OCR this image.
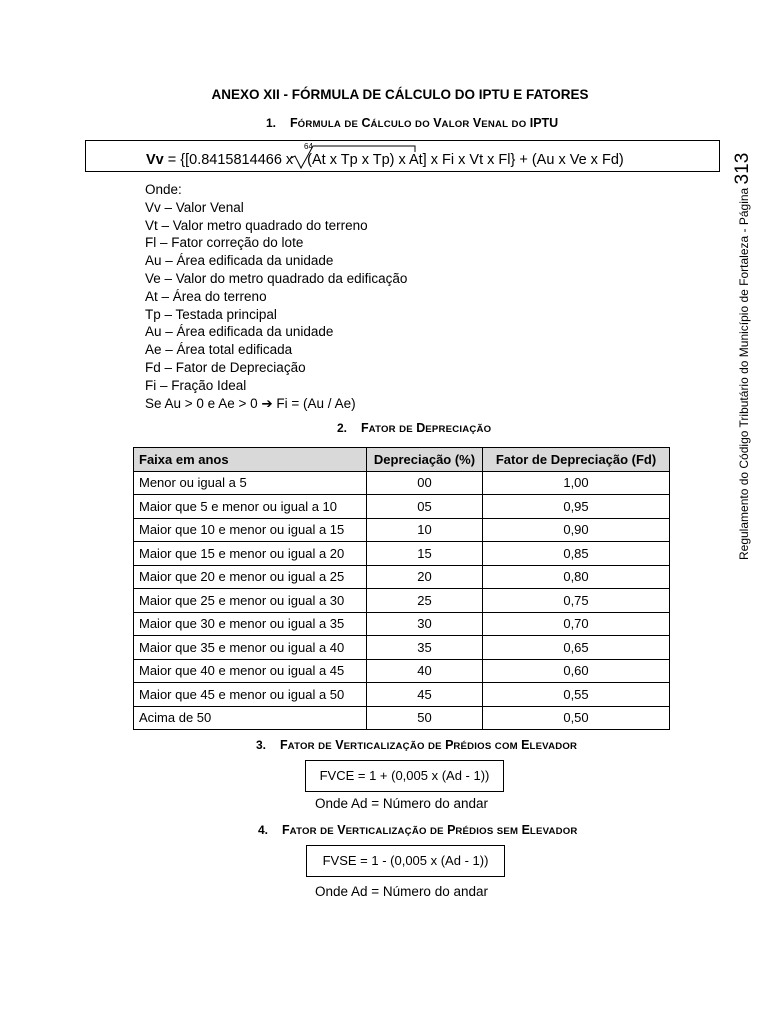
ANEXO XII - FÓRMULA DE CÁLCULO DO IPTU E FATORES
1. FÓRMULA DE CÁLCULO DO VALOR VENAL DO IPTU
Vv = {[0.8415814466 x (At x Tp x Tp) x At] x Fi x Vt x Fl} + (Au x Ve x Fd)
64
Onde:
Vv – Valor Venal
Vt – Valor metro quadrado do terreno
Fl – Fator correção do lote
Au – Área edificada da unidade
Ve – Valor do metro quadrado da edificação
At – Área do terreno
Tp – Testada principal
Au – Área edificada da unidade
Ae – Área total edificada
Fd – Fator de Depreciação
Fi – Fração Ideal
Se Au > 0 e Ae > 0 ➔ Fi = (Au / Ae)
2. FATOR DE DEPRECIAÇÃO
Faixa em anos	Depreciação (%)	Fator de Depreciação (Fd)
Menor ou igual a 5	00	1,00
Maior que 5 e menor ou igual a 10	05	0,95
Maior que 10 e menor ou igual a 15	10	0,90
Maior que 15 e menor ou igual a 20	15	0,85
Maior que 20 e menor ou igual a 25	20	0,80
Maior que 25 e menor ou igual a 30	25	0,75
Maior que 30 e menor ou igual a 35	30	0,70
Maior que 35 e menor ou igual a 40	35	0,65
Maior que 40 e menor ou igual a 45	40	0,60
Maior que 45 e menor ou igual a 50	45	0,55
Acima de 50	50	0,50
3. FATOR DE VERTICALIZAÇÃO DE PRÉDIOS COM ELEVADOR
FVCE = 1 + (0,005 x (Ad - 1))
Onde Ad = Número do andar
4. FATOR DE VERTICALIZAÇÃO DE PRÉDIOS SEM ELEVADOR
FVSE = 1 - (0,005 x (Ad - 1))
Onde Ad = Número do andar
Regulamento do Código Tributário do Município de Fortaleza - Página 313
